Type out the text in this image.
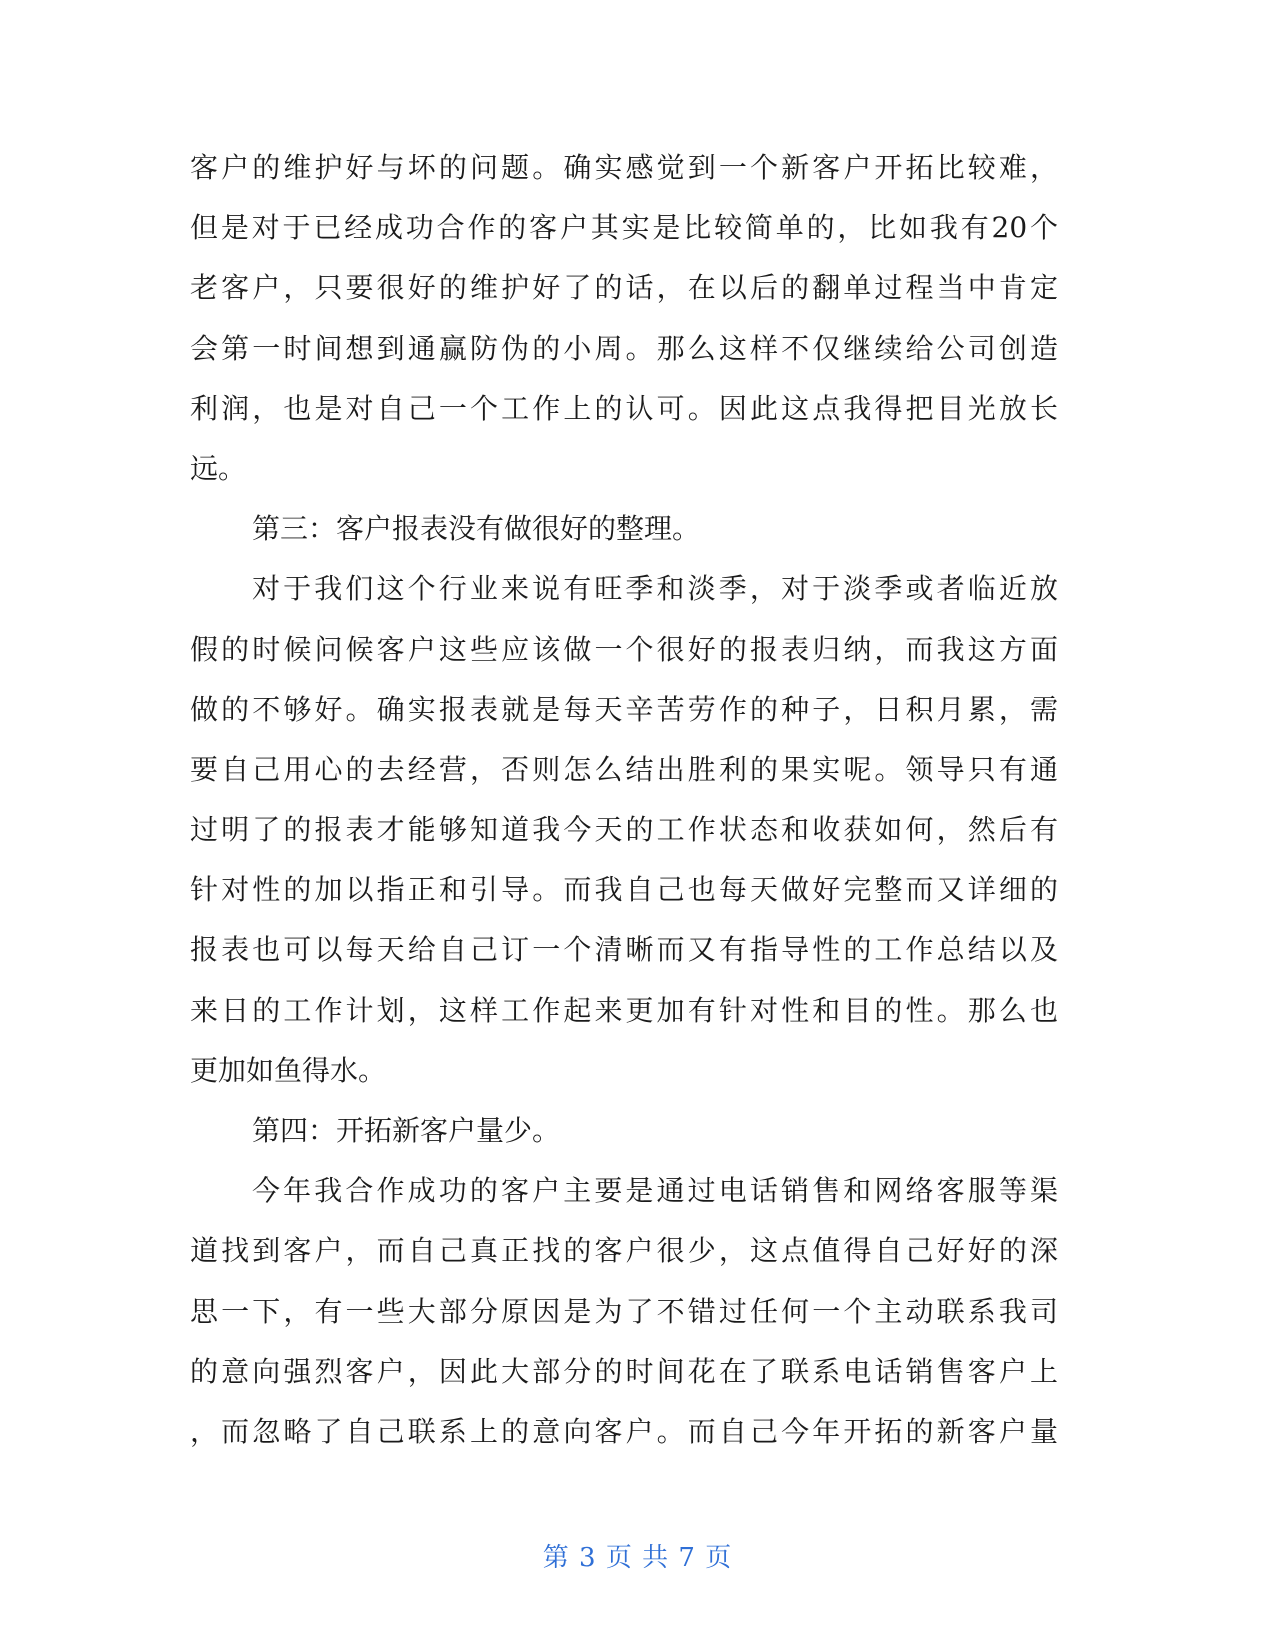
客户的维护好与坏的问题。确实感觉到一个新客户开拓比较难，
但是对于已经成功合作的客户其实是比较简单的，比如我有20个
老客户，只要很好的维护好了的话，在以后的翻单过程当中肯定
会第一时间想到通赢防伪的小周。那么这样不仅继续给公司创造
利润，也是对自己一个工作上的认可。因此这点我得把目光放长
远。
第三：客户报表没有做很好的整理。
对于我们这个行业来说有旺季和淡季，对于淡季或者临近放
假的时候问候客户这些应该做一个很好的报表归纳，而我这方面
做的不够好。确实报表就是每天辛苦劳作的种子，日积月累，需
要自己用心的去经营，否则怎么结出胜利的果实呢。领导只有通
过明了的报表才能够知道我今天的工作状态和收获如何，然后有
针对性的加以指正和引导。而我自己也每天做好完整而又详细的
报表也可以每天给自己订一个清晰而又有指导性的工作总结以及
来日的工作计划，这样工作起来更加有针对性和目的性。那么也
更加如鱼得水。
第四：开拓新客户量少。
今年我合作成功的客户主要是通过电话销售和网络客服等渠
道找到客户，而自己真正找的客户很少，这点值得自己好好的深
思一下，有一些大部分原因是为了不错过任何一个主动联系我司
的意向强烈客户，因此大部分的时间花在了联系电话销售客户上
，而忽略了自己联系上的意向客户。而自己今年开拓的新客户量
第 3 页 共 7 页
